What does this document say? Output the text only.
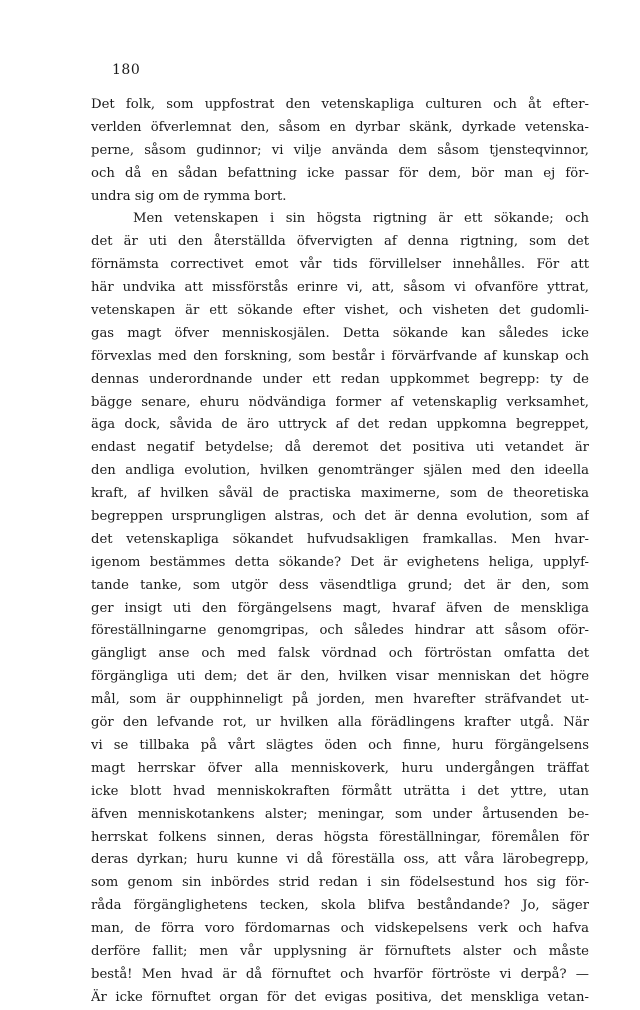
180
Det folk, som uppfostrat den vetenskapliga culturen och åt efter-
verlden öfverlemnat den, såsom en dyrbar skänk, dyrkade vetenska-
perne, såsom gudinnor; vi vilje använda dem såsom tjensteqvinnor,
och då en sådan befattning icke passar för dem, bör man ej för-
undra sig om de rymma bort.
Men vetenskapen i sin högsta rigtning är ett sökande; och
det är uti den återställda öfvervigten af denna rigtning, som det
förnämsta correctivet emot vår tids förvillelser innehålles. För att
här undvika att missförstås erinre vi, att, såsom vi ofvanföre yttrat,
vetenskapen är ett sökande efter vishet, och visheten det gudomli-
gas magt öfver menniskosjälen. Detta sökande kan således icke
förvexlas med den forskning, som består i förvärfvande af kunskap och
dennas underordnande under ett redan uppkommet begrepp: ty de
bägge senare, ehuru nödvändiga former af vetenskaplig verksamhet,
äga dock, såvida de äro uttryck af det redan uppkomna begreppet,
endast negatif betydelse; då deremot det positiva uti vetandet är
den andliga evolution, hvilken genomtränger själen med den ideella
kraft, af hvilken såväl de practiska maximerne, som de theoretiska
begreppen ursprungligen alstras, och det är denna evolution, som af
det vetenskapliga sökandet hufvudsakligen framkallas. Men hvar-
igenom bestämmes detta sökande? Det är evighetens heliga, upplyf-
tande tanke, som utgör dess väsendtliga grund; det är den, som
ger insigt uti den förgängelsens magt, hvaraf äfven de menskliga
föreställningarne genomgripas, och således hindrar att såsom oför-
gängligt anse och med falsk vördnad och förtröstan omfatta det
förgängliga uti dem; det är den, hvilken visar menniskan det högre
mål, som är oupphinneligt på jorden, men hvarefter sträfvandet ut-
gör den lefvande rot, ur hvilken alla förädlingens krafter utgå. När
vi se tillbaka på vårt slägtes öden och finne, huru förgängelsens
magt herrskar öfver alla menniskoverk, huru undergången träffat
icke blott hvad menniskokraften förmått uträtta i det yttre, utan
äfven menniskotankens alster; meningar, som under årtusenden be-
herrskat folkens sinnen, deras högsta föreställningar, föremålen för
deras dyrkan; huru kunne vi då föreställa oss, att våra lärobegrepp,
som genom sin inbördes strid redan i sin födelsestund hos sig för-
råda förgänglighetens tecken, skola blifva beståndande? Jo, säger
man, de förra voro fördomarnas och vidskepelsens verk och hafva
derföre fallit; men vår upplysning är förnuftets alster och måste
bestå! Men hvad är då förnuftet och hvarför förtröste vi derpå? —
Är icke förnuftet organ för det evigas positiva, det menskliga vetan-
